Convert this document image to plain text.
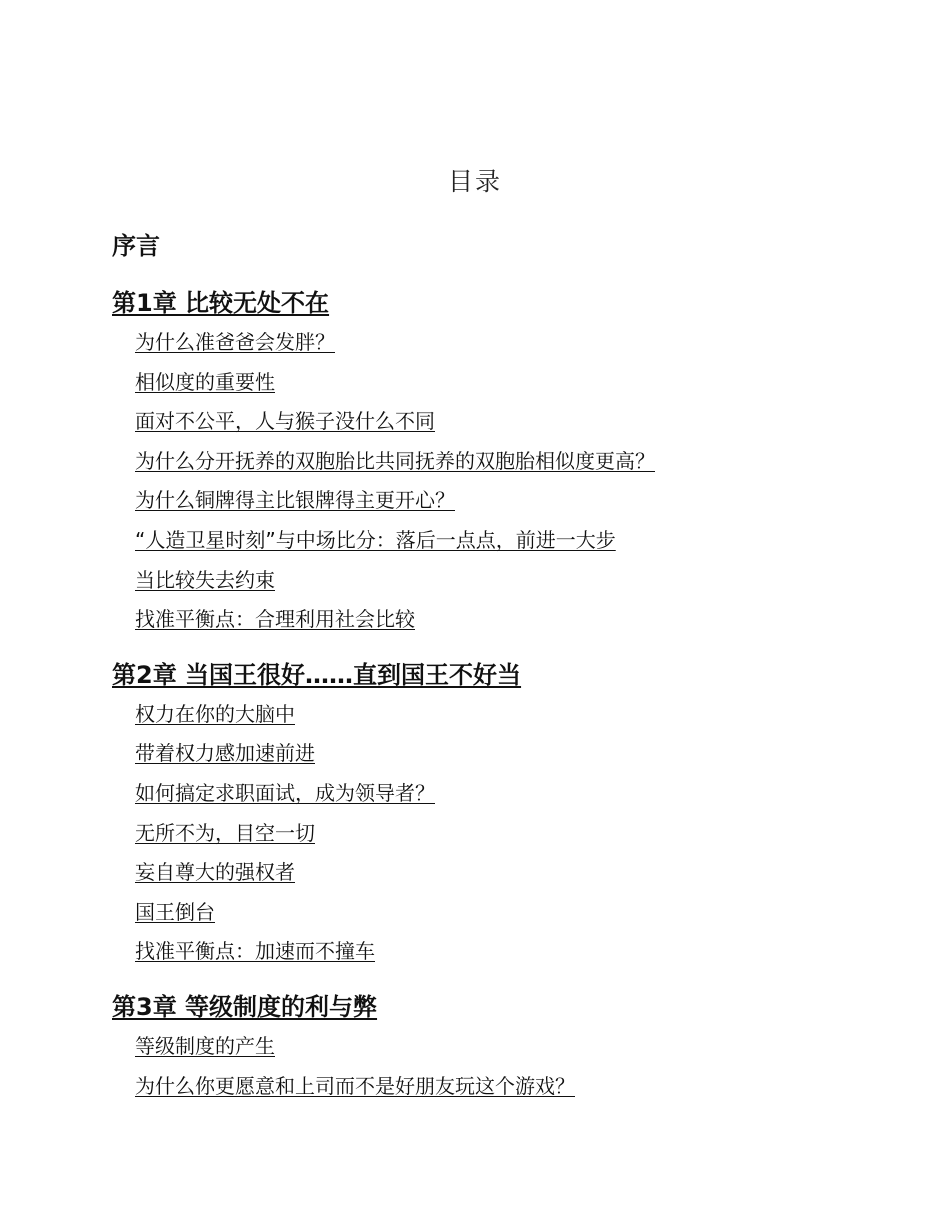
目录
序言
第1章 比较无处不在
为什么准爸爸会发胖？
相似度的重要性
面对不公平，人与猴子没什么不同
为什么分开抚养的双胞胎比共同抚养的双胞胎相似度更高？
为什么铜牌得主比银牌得主更开心？
“人造卫星时刻”与中场比分：落后一点点，前进一大步
当比较失去约束
找准平衡点：合理利用社会比较
第2章 当国王很好……直到国王不好当
权力在你的大脑中
带着权力感加速前进
如何搞定求职面试，成为领导者？
无所不为，目空一切
妄自尊大的强权者
国王倒台
找准平衡点：加速而不撞车
第3章 等级制度的利与弊
等级制度的产生
为什么你更愿意和上司而不是好朋友玩这个游戏？
